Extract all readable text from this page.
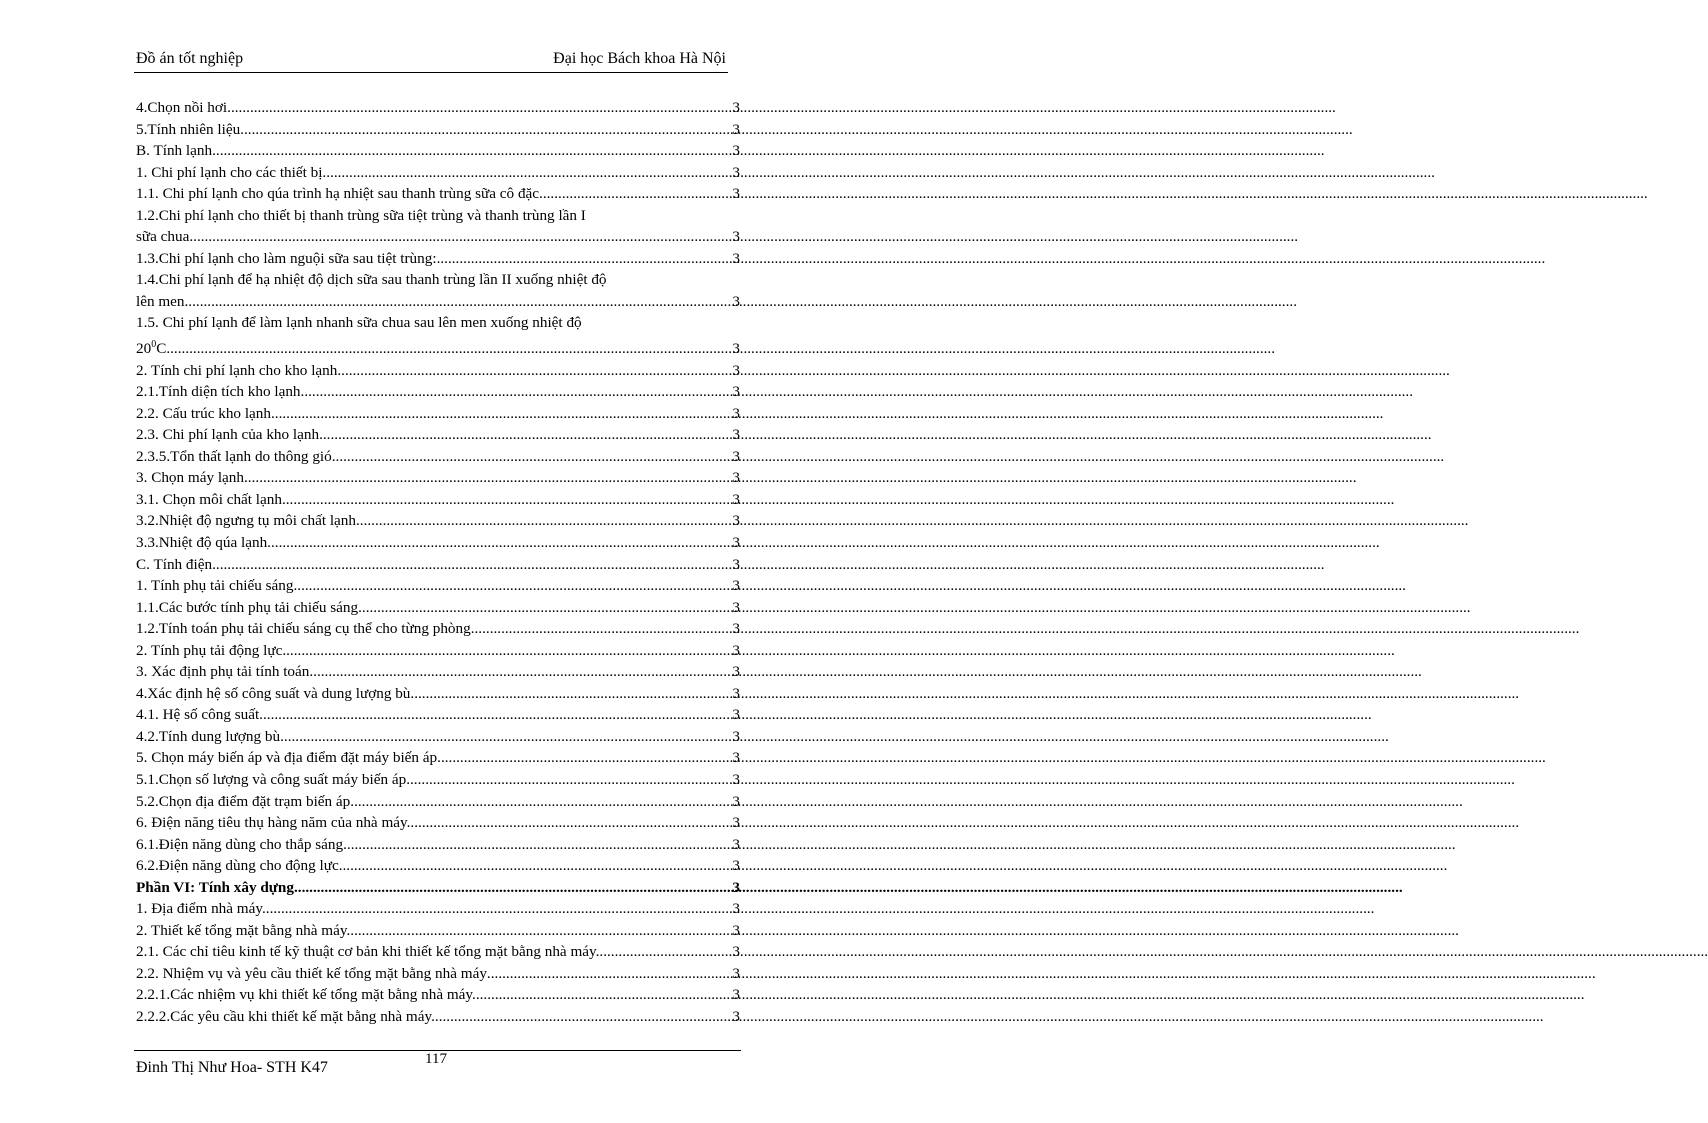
Đồ án tốt nghiệp	Đại học Bách khoa Hà Nội
4.Chọn nồi hơi .....	3
5.Tính nhiên liệu. .....	3
B. Tính lạnh. .....	3
1. Chi phí lạnh cho các thiết bị. .....	3
1.1. Chi phí lạnh cho qúa trình hạ nhiệt sau thanh trùng sữa cô đặc .....	3
1.2.Chi phí lạnh cho thiết bị thanh trùng sữa tiệt trùng và thanh trùng lần I
sữa chua .....	3
1.3.Chi phí lạnh cho làm nguội sữa sau tiệt trùng: .....	3
1.4.Chi phí lạnh để hạ nhiệt độ dịch sữa sau thanh trùng lần II xuống nhiệt độ
lên men. .....	3
1.5. Chi phí lạnh để làm lạnh nhanh sữa chua sau lên men xuống nhiệt độ
$20^0C$ .....	3
2. Tính chi phí lạnh cho kho lạnh. .....	3
2.1.Tính diện tích kho lạnh. .....	3
2.2. Cấu trúc kho lạnh. .....	3
2.3. Chi phí lạnh của kho lạnh. .....	3
2.3.5.Tổn thất lạnh do thông gió. .....	3
3. Chọn máy lạnh. .....	3
3.1. Chọn môi chất lạnh. .....	3
3.2.Nhiệt độ ngưng tụ môi chất lạnh. .....	3
3.3.Nhiệt độ qúa lạnh. .....	3
C. Tính điện. .....	3
1. Tính phụ tải chiếu sáng. .....	3
1.1.Các bước tính phụ tải chiếu sáng. .....	3
1.2.Tính toán phụ tải chiếu sáng cụ thể cho từng phòng .....	3
2. Tính phụ tải động lực. .....	3
3. Xác định phụ tải tính toán. .....	3
4.Xác định hệ số công suất và dung lượng bù .....	3
4.1. Hệ số công suất. .....	3
4.2.Tính dung lượng bù .....	3
5. Chọn máy biến áp và địa điểm đặt máy biến áp .....	3
5.1.Chọn số lượng và công suất máy biến áp .....	3
5.2.Chọn địa điểm đặt trạm biến áp. .....	3
6. Điện năng tiêu thụ hàng năm của nhà máy. .....	3
6.1.Điện năng dùng cho thắp sáng. .....	3
6.2.Điện năng dùng cho động lực .....	3
Phần VI: Tính xây dựng .....	3
1. Địa điểm nhà máy. .....	3
2. Thiết kế tổng mặt bằng nhà máy. .....	3
2.1. Các chỉ tiêu kinh tế kỹ thuật cơ bản khi thiết kế tổng mặt bằng nhà máy. .....	3
2.2. Nhiệm vụ và yêu cầu thiết kế tổng mặt bằng nhà máy .....	3
2.2.1.Các nhiệm vụ khi thiết kế tổng mặt bằng nhà máy. .....	3
2.2.2.Các yêu cầu khi thiết kế mặt bằng nhà máy. .....	3
Đinh Thị Như Hoa- STH K47	117
